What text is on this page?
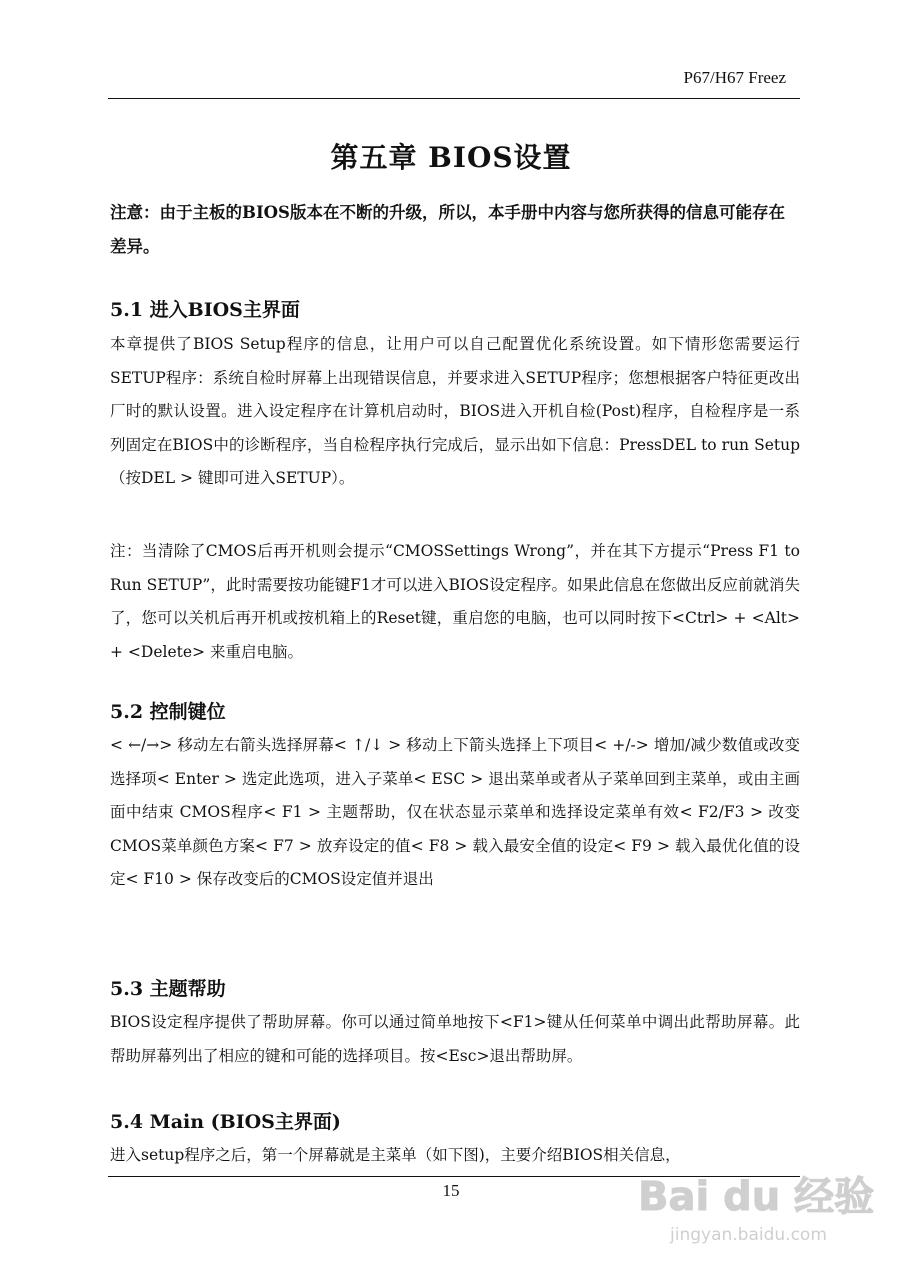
P67/H67 Freez
第五章 BIOS设置
注意：由于主板的BIOS版本在不断的升级，所以，本手册中内容与您所获得的信息可能存在差异。
5.1 进入BIOS主界面
本章提供了BIOS Setup程序的信息，让用户可以自己配置优化系统设置。如下情形您需要运行SETUP程序：系统自检时屏幕上出现错误信息，并要求进入SETUP程序；您想根据客户特征更改出厂时的默认设置。进入设定程序在计算机启动时，BIOS进入开机自检(Post)程序，自检程序是一系列固定在BIOS中的诊断程序，当自检程序执行完成后，显示出如下信息：PressDEL to run Setup（按DEL > 键即可进入SETUP）。
注：当清除了CMOS后再开机则会提示“CMOSSettings Wrong”，并在其下方提示“Press F1 to Run SETUP”，此时需要按功能键F1才可以进入BIOS设定程序。如果此信息在您做出反应前就消失了，您可以关机后再开机或按机箱上的Reset键，重启您的电脑，也可以同时按下<Ctrl> + <Alt> + <Delete> 来重启电脑。
5.2 控制键位
< ←/→> 移动左右箭头选择屏幕< ↑/↓ > 移动上下箭头选择上下项目< +/-> 增加/减少数值或改变选择项< Enter > 选定此选项，进入子菜单< ESC > 退出菜单或者从子菜单回到主菜单，或由主画面中结束 CMOS程序< F1 > 主题帮助，仅在状态显示菜单和选择设定菜单有效< F2/F3 > 改变CMOS菜单颜色方案< F7 > 放弃设定的值< F8 > 载入最安全值的设定< F9 > 载入最优化值的设定< F10 > 保存改变后的CMOS设定值并退出
5.3 主题帮助
BIOS设定程序提供了帮助屏幕。你可以通过简单地按下<F1>键从任何菜单中调出此帮助屏幕。此帮助屏幕列出了相应的键和可能的选择项目。按<Esc>退出帮助屏。
5.4 Main (BIOS主界面)
进入setup程序之后，第一个屏幕就是主菜单（如下图)，主要介绍BIOS相关信息，
15	Bai du 经验
jingyan.baidu.com
